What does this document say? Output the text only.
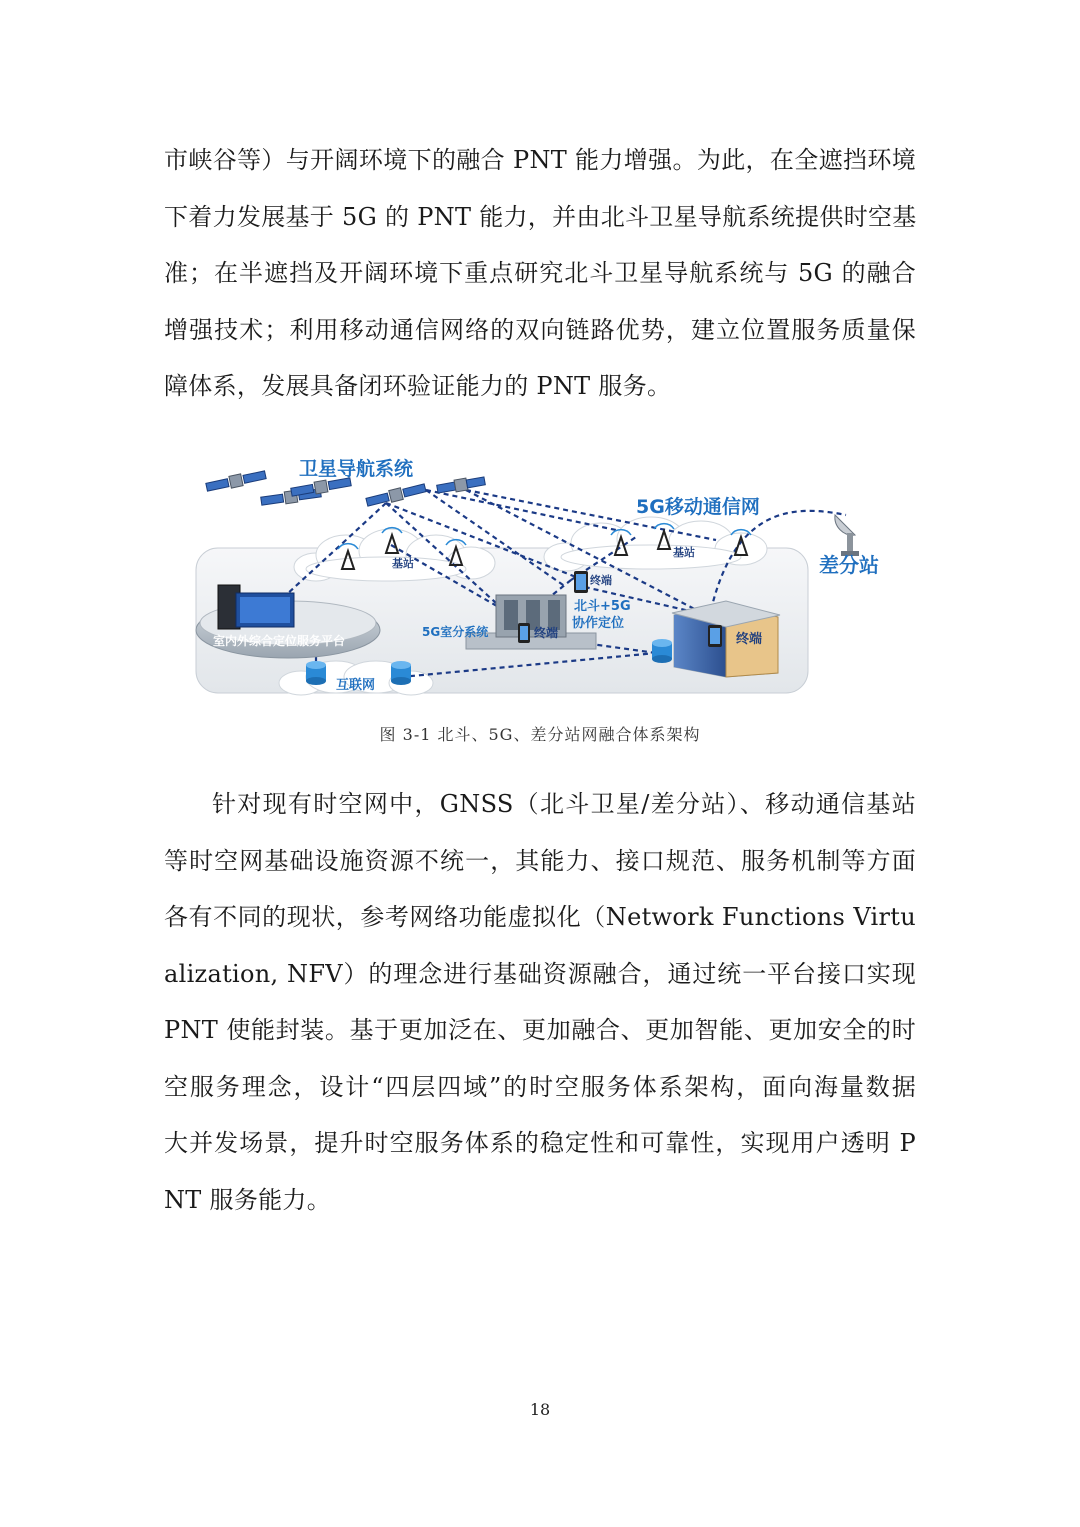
市峡谷等）与开阔环境下的融合 PNT 能力增强。为此，在全遮挡环境
下着力发展基于 5G 的 PNT 能力，并由北斗卫星导航系统提供时空基
准；在半遮挡及开阔环境下重点研究北斗卫星导航系统与 5G 的融合
增强技术；利用移动通信网络的双向链路优势，建立位置服务质量保
障体系，发展具备闭环验证能力的 PNT 服务。
卫星导航系统
5G移动通信网
差分站
基站
基站
终端
北斗+5G
协作定位
5G室分系统	终端	终端
室内外综合定位服务平台
互联网
图 3-1 北斗、5G、差分站网融合体系架构
针对现有时空网中，GNSS（北斗卫星/差分站）、移动通信基站
等时空网基础设施资源不统一，其能力、接口规范、服务机制等方面
各有不同的现状，参考网络功能虚拟化（Network Functions Virtu
alization, NFV）的理念进行基础资源融合，通过统一平台接口实现
PNT 使能封装。基于更加泛在、更加融合、更加智能、更加安全的时
空服务理念，设计“四层四域”的时空服务体系架构，面向海量数据
大并发场景，提升时空服务体系的稳定性和可靠性，实现用户透明 P
NT 服务能力。
18
